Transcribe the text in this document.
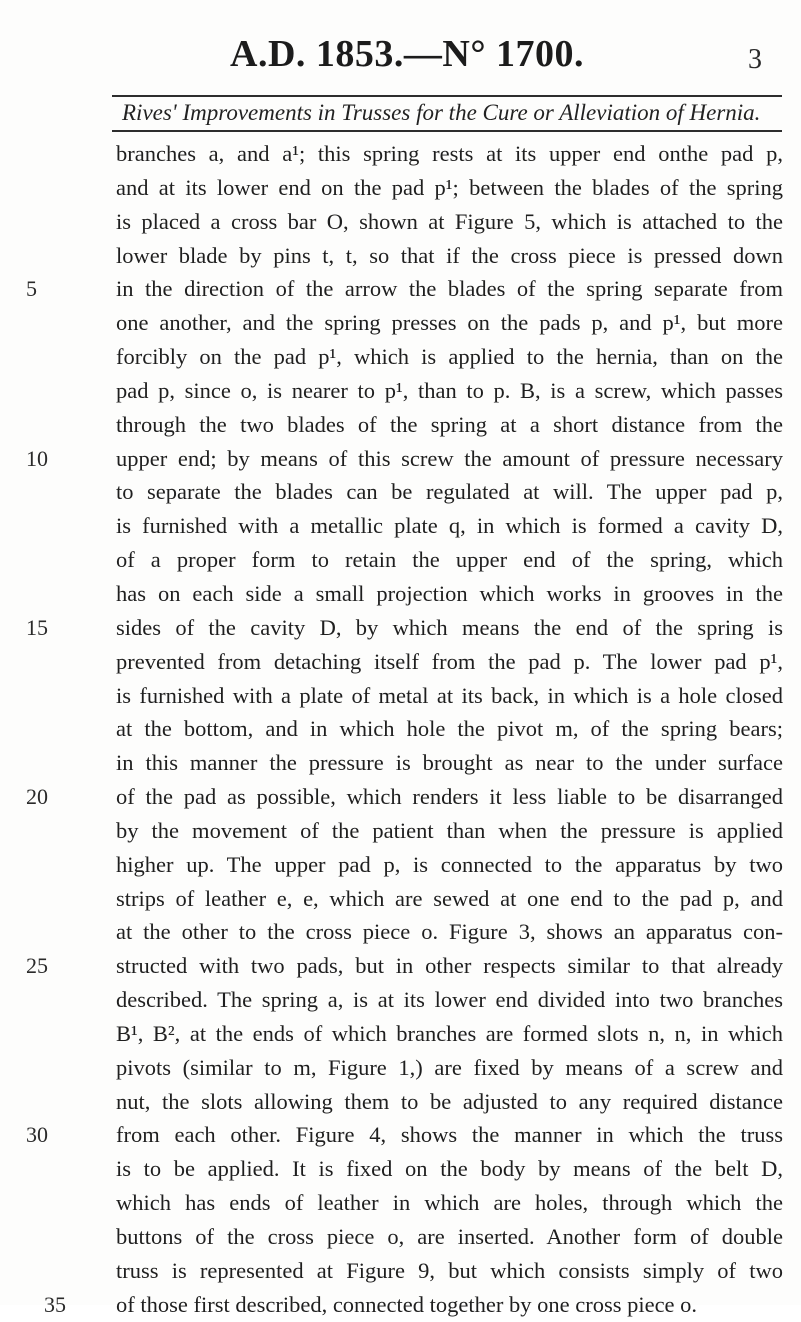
A.D. 1853.—N° 1700.	3
Rives' Improvements in Trusses for the Cure or Alleviation of Hernia.
branches a, and a¹; this spring rests at its upper end onthe pad p,
and at its lower end on the pad p¹; between the blades of the spring
is placed a cross bar O, shown at Figure 5, which is attached to the
lower blade by pins t, t, so that if the cross piece is pressed down
5	in the direction of the arrow the blades of the spring separate from
one another, and the spring presses on the pads p, and p¹, but more
forcibly on the pad p¹, which is applied to the hernia, than on the
pad p, since o, is nearer to p¹, than to p. B, is a screw, which passes
through the two blades of the spring at a short distance from the
10	upper end; by means of this screw the amount of pressure necessary
to separate the blades can be regulated at will. The upper pad p,
is furnished with a metallic plate q, in which is formed a cavity D,
of a proper form to retain the upper end of the spring, which
has on each side a small projection which works in grooves in the
15	sides of the cavity D, by which means the end of the spring is
prevented from detaching itself from the pad p. The lower pad p¹,
is furnished with a plate of metal at its back, in which is a hole closed
at the bottom, and in which hole the pivot m, of the spring bears;
in this manner the pressure is brought as near to the under surface
20	of the pad as possible, which renders it less liable to be disarranged
by the movement of the patient than when the pressure is applied
higher up. The upper pad p, is connected to the apparatus by two
strips of leather e, e, which are sewed at one end to the pad p, and
at the other to the cross piece o. Figure 3, shows an apparatus con-
25	structed with two pads, but in other respects similar to that already
described. The spring a, is at its lower end divided into two branches
B¹, B², at the ends of which branches are formed slots n, n, in which
pivots (similar to m, Figure 1,) are fixed by means of a screw and
nut, the slots allowing them to be adjusted to any required distance
30	from each other. Figure 4, shows the manner in which the truss
is to be applied. It is fixed on the body by means of the belt D,
which has ends of leather in which are holes, through which the
buttons of the cross piece o, are inserted. Another form of double
truss is represented at Figure 9, but which consists simply of two
35 of those first described, connected together by one cross piece o.
